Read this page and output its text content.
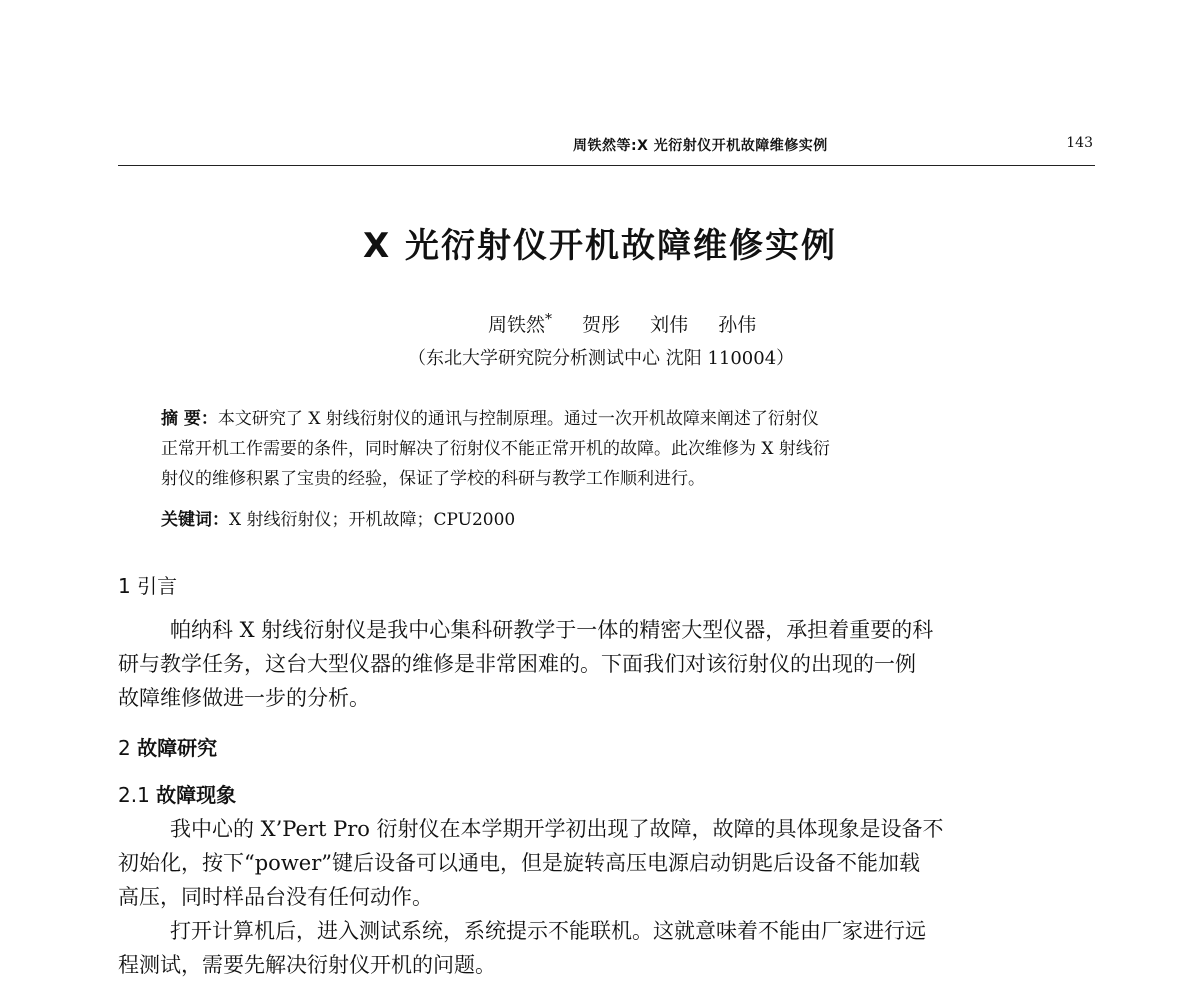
周铁然等:X 光衍射仪开机故障维修实例	143
X 光衍射仪开机故障维修实例
周铁然* 贺彤 刘伟 孙伟
（东北大学研究院分析测试中心 沈阳 110004）
摘 要：本文研究了 X 射线衍射仪的通讯与控制原理。通过一次开机故障来阐述了衍射仪
正常开机工作需要的条件，同时解决了衍射仪不能正常开机的故障。此次维修为 X 射线衍
射仪的维修积累了宝贵的经验，保证了学校的科研与教学工作顺利进行。
关键词：X 射线衍射仪；开机故障；CPU2000
1 引言
帕纳科 X 射线衍射仪是我中心集科研教学于一体的精密大型仪器，承担着重要的科
研与教学任务，这台大型仪器的维修是非常困难的。下面我们对该衍射仪的出现的一例
故障维修做进一步的分析。
2 故障研究
2.1 故障现象
我中心的 X’Pert Pro 衍射仪在本学期开学初出现了故障，故障的具体现象是设备不
初始化，按下“power”键后设备可以通电，但是旋转高压电源启动钥匙后设备不能加载
高压，同时样品台没有任何动作。
打开计算机后，进入测试系统，系统提示不能联机。这就意味着不能由厂家进行远
程测试，需要先解决衍射仪开机的问题。
